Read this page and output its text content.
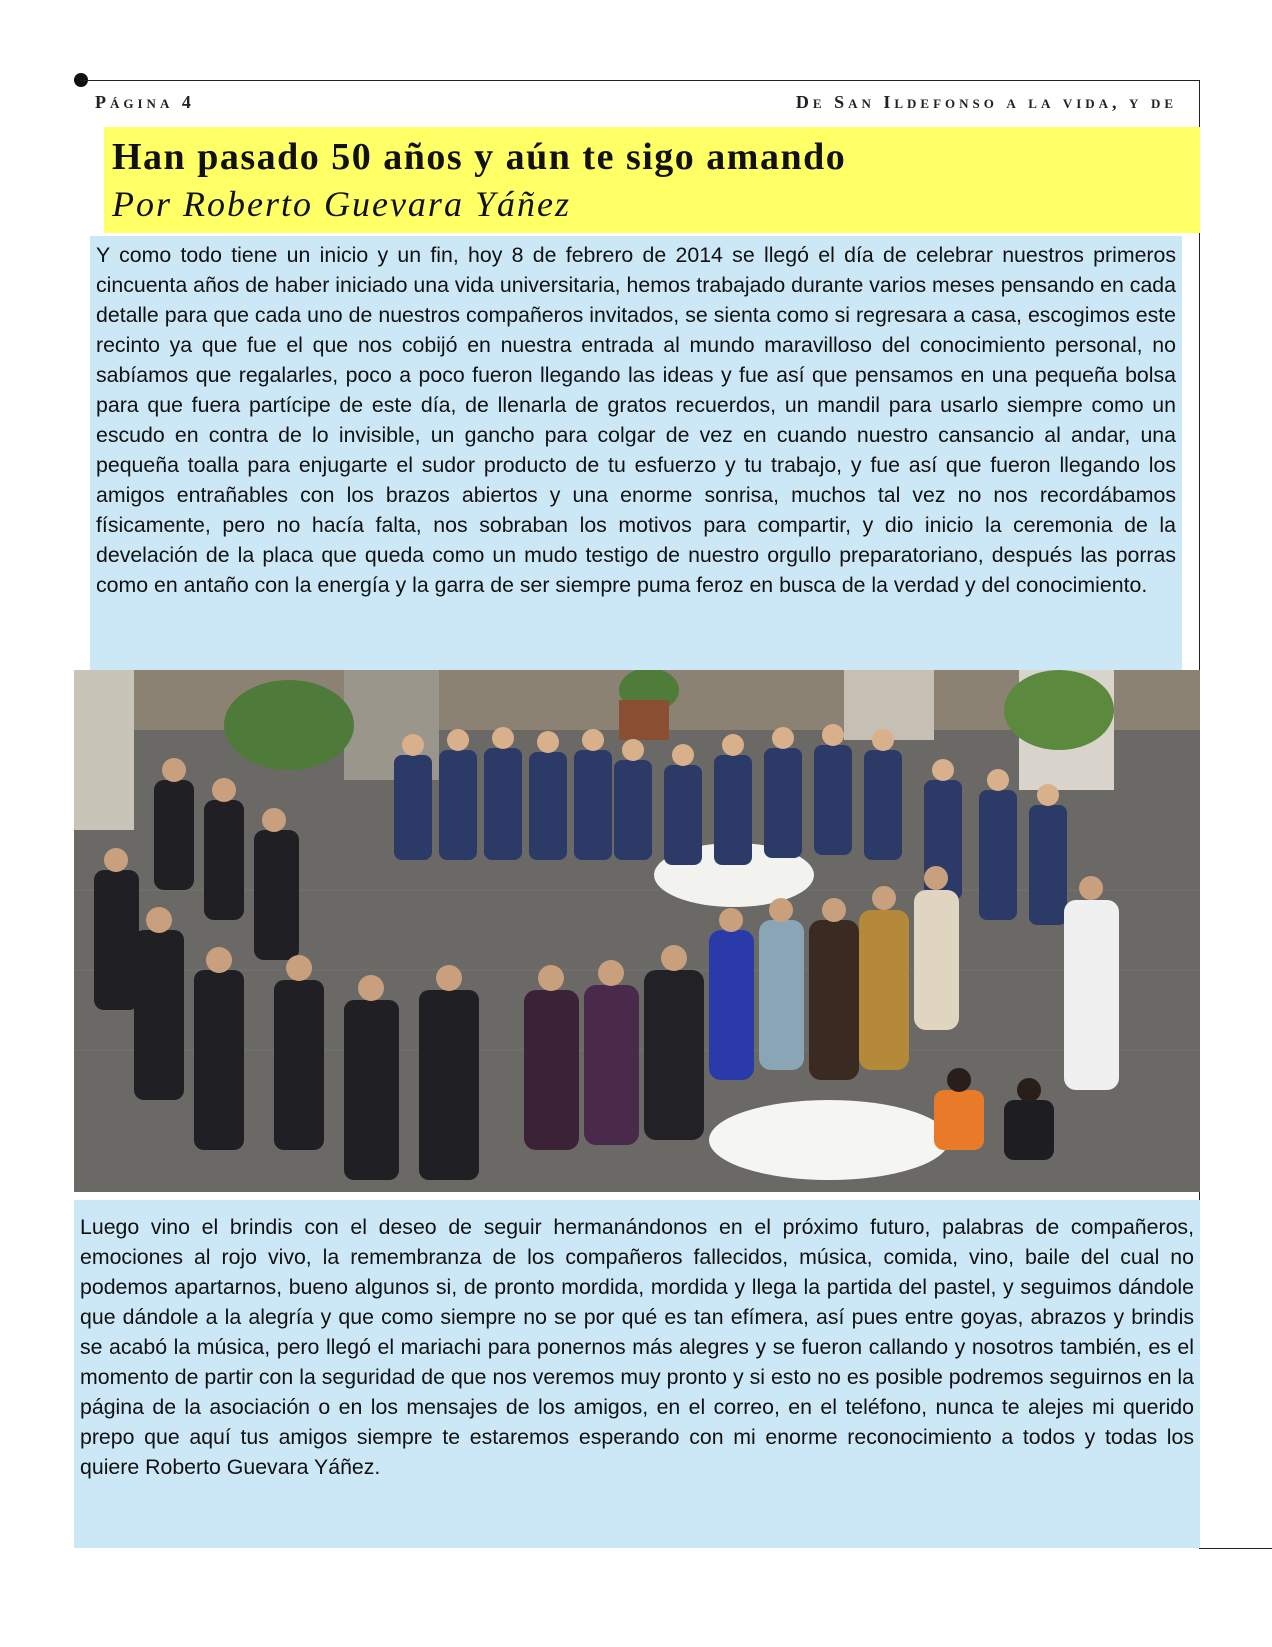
Página 4	De San Ildefonso a la vida, y de
Han pasado 50 años y aún te sigo amando
Por Roberto Guevara Yáñez

Y como todo tiene un inicio y un fin, hoy 8 de febrero de 2014 se llegó el día de celebrar nuestros primeros cincuenta años de haber iniciado una vida universitaria, hemos trabajado durante varios meses pensando en cada detalle para que cada uno de nuestros compañeros invitados, se sienta como si regresara a casa, escogimos este recinto ya que fue el que nos cobijó en nuestra entrada al mundo maravilloso del conocimiento personal, no sabíamos que regalarles, poco a poco fueron llegando las ideas y fue así que pensamos en una pequeña bolsa para que fuera partícipe de este día, de llenarla de gratos recuerdos, un mandil para usarlo siempre como un escudo en contra de lo invisible, un gancho para colgar de vez en cuando nuestro cansancio al andar, una pequeña toalla para enjugarte el sudor producto de tu esfuerzo y tu trabajo, y fue así que fueron llegando los amigos entrañables con los brazos abiertos y una enorme sonrisa, muchos tal vez no nos recordábamos físicamente, pero no hacía falta, nos sobraban los motivos para compartir, y dio inicio la ceremonia de la develación de la placa que queda como un mudo testigo de nuestro orgullo preparatoriano, después las porras como en antaño con la energía y la garra de ser siempre puma feroz en busca de la verdad y del conocimiento.

Luego vino el brindis con el deseo de seguir hermanándonos en el próximo futuro, palabras de compañeros, emociones al rojo vivo, la remembranza de los compañeros fallecidos, música, comida, vino, baile del cual no podemos apartarnos, bueno algunos si, de pronto mordida, mordida y llega la partida del pastel, y seguimos dándole que dándole a la alegría y que como siempre no se por qué es tan efímera, así pues entre goyas, abrazos y brindis se acabó la música, pero llegó el mariachi para ponernos más alegres y se fueron callando y nosotros también, es el momento de partir con la seguridad de que nos veremos muy pronto y si esto no es posible podremos seguirnos en la página de la asociación o en los mensajes de los amigos, en el correo, en el teléfono, nunca te alejes mi querido prepo que aquí tus amigos siempre te estaremos esperando con mi enorme reconocimiento a todos y todas los quiere Roberto Guevara Yáñez.
